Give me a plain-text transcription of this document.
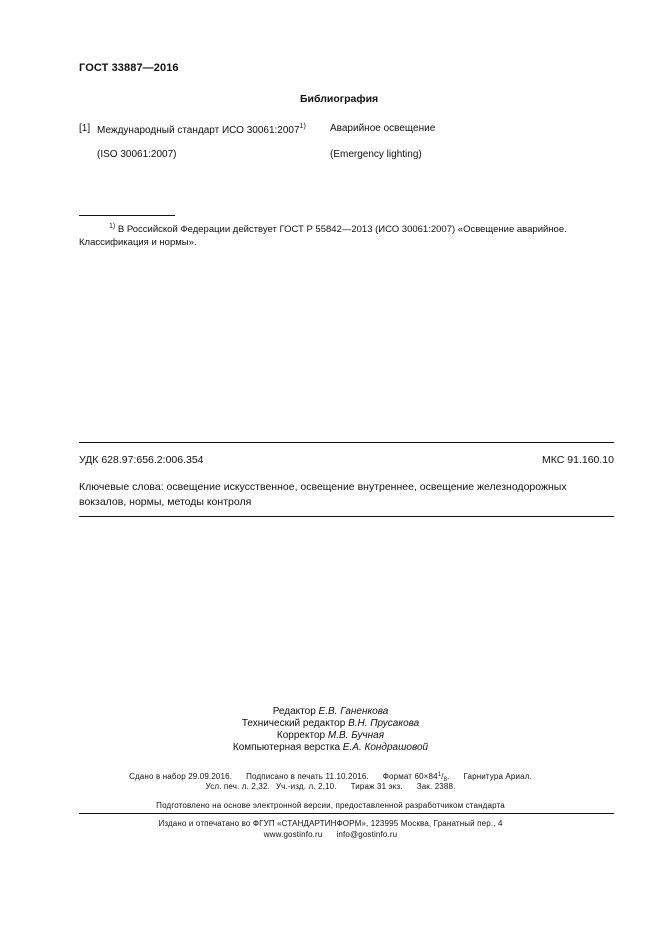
ГОСТ 33887—2016
Библиография
[1] Международный стандарт ИСО 30061:2007$^{1)}$ Аварийное освещение
(ISO 30061:2007)	(Emergency lighting)
$^{1)}$ В Российской Федерации действует ГОСТ Р 55842—2013 (ИСО 30061:2007) «Освещение аварийное. Классификация и нормы».
УДК 628.97:656.2:006.354	МКС 91.160.10
Ключевые слова: освещение искусственное, освещение внутреннее, освещение железнодорожных вокзалов, нормы, методы контроля
Редактор Е.В. Ганенкова
Технический редактор В.Н. Прусакова
Корректор М.В. Бучная
Компьютерная верстка Е.А. Кондрашовой
Сдано в набор 29.09.2016. Подписано в печать 11.10.2016. Формат $60\times 84^1/_8$. Гарнитура Ариал.
Усл. печ. л. 2,32. Уч.-изд. л. 2,10. Тираж 31 экз. Зак. 2388.
Подготовлено на основе электронной версии, предоставленной разработчиком стандарта
Издано и отпечатано во ФГУП «СТАНДАРТИНФОРМ», 123995 Москва, Гранатный пер., 4
www.gostinfo.ru info@gostinfo.ru
